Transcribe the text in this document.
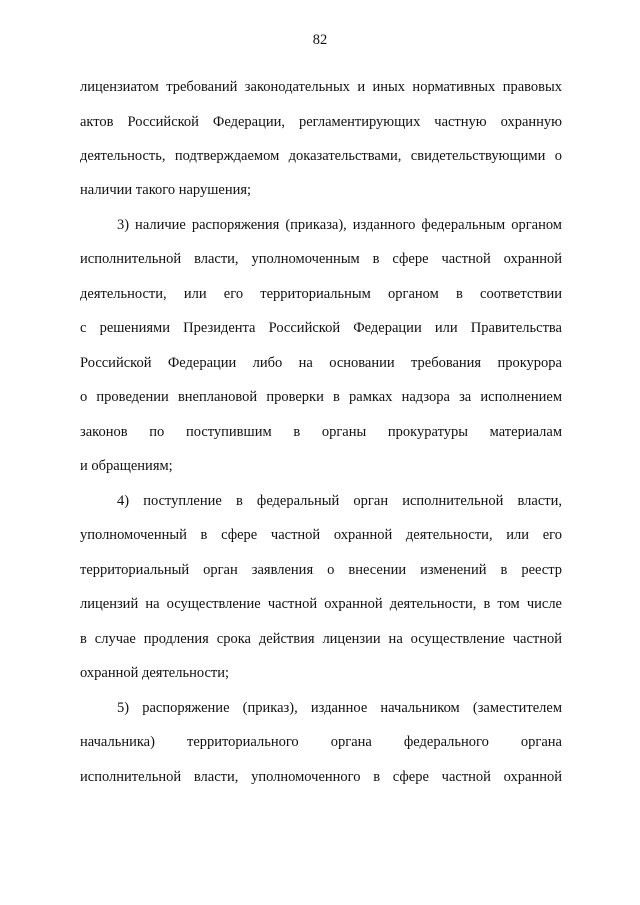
82
лицензиатом требований законодательных и иных нормативных правовых
актов Российской Федерации, регламентирующих частную охранную
деятельность, подтверждаемом доказательствами, свидетельствующими о
наличии такого нарушения;
3) наличие распоряжения (приказа), изданного федеральным органом
исполнительной власти, уполномоченным в сфере частной охранной
деятельности, или его территориальным органом в соответствии
с решениями Президента Российской Федерации или Правительства
Российской Федерации либо на основании требования прокурора
о проведении внеплановой проверки в рамках надзора за исполнением
законов по поступившим в органы прокуратуры материалам
и обращениям;
4) поступление в федеральный орган исполнительной власти,
уполномоченный в сфере частной охранной деятельности, или его
территориальный орган заявления о внесении изменений в реестр
лицензий на осуществление частной охранной деятельности, в том числе
в случае продления срока действия лицензии на осуществление частной
охранной деятельности;
5) распоряжение (приказ), изданное начальником (заместителем
начальника) территориального органа федерального органа
исполнительной власти, уполномоченного в сфере частной охранной
